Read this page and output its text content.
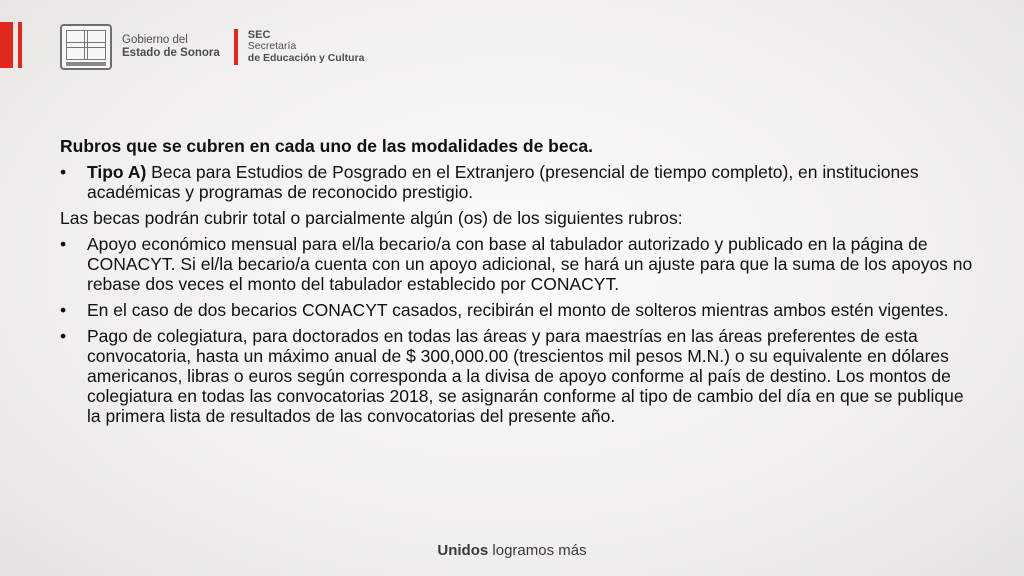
Gobierno del
Estado de Sonora
SEC
Secretaría
de Educación y Cultura

Rubros que se cubren en cada uno de las modalidades de beca.

• Tipo A) Beca para Estudios de Posgrado en el Extranjero (presencial de tiempo completo), en instituciones académicas y programas de reconocido prestigio.

Las becas podrán cubrir total o parcialmente algún (os) de los siguientes rubros:

• Apoyo económico mensual para el/la becario/a con base al tabulador autorizado y publicado en la página de CONACYT. Si el/la becario/a cuenta con un apoyo adicional, se hará un ajuste para que la suma de los apoyos no rebase dos veces el monto del tabulador establecido por CONACYT.
• En el caso de dos becarios CONACYT casados, recibirán el monto de solteros mientras ambos estén vigentes.
• Pago de colegiatura, para doctorados en todas las áreas y para maestrías en las áreas preferentes de esta convocatoria, hasta un máximo anual de $ 300,000.00 (trescientos mil pesos M.N.) o su equivalente en dólares americanos, libras o euros según corresponda a la divisa de apoyo conforme al país de destino. Los montos de colegiatura en todas las convocatorias 2018, se asignarán conforme al tipo de cambio del día en que se publique la primera lista de resultados de las convocatorias del presente año.
Unidos logramos más
